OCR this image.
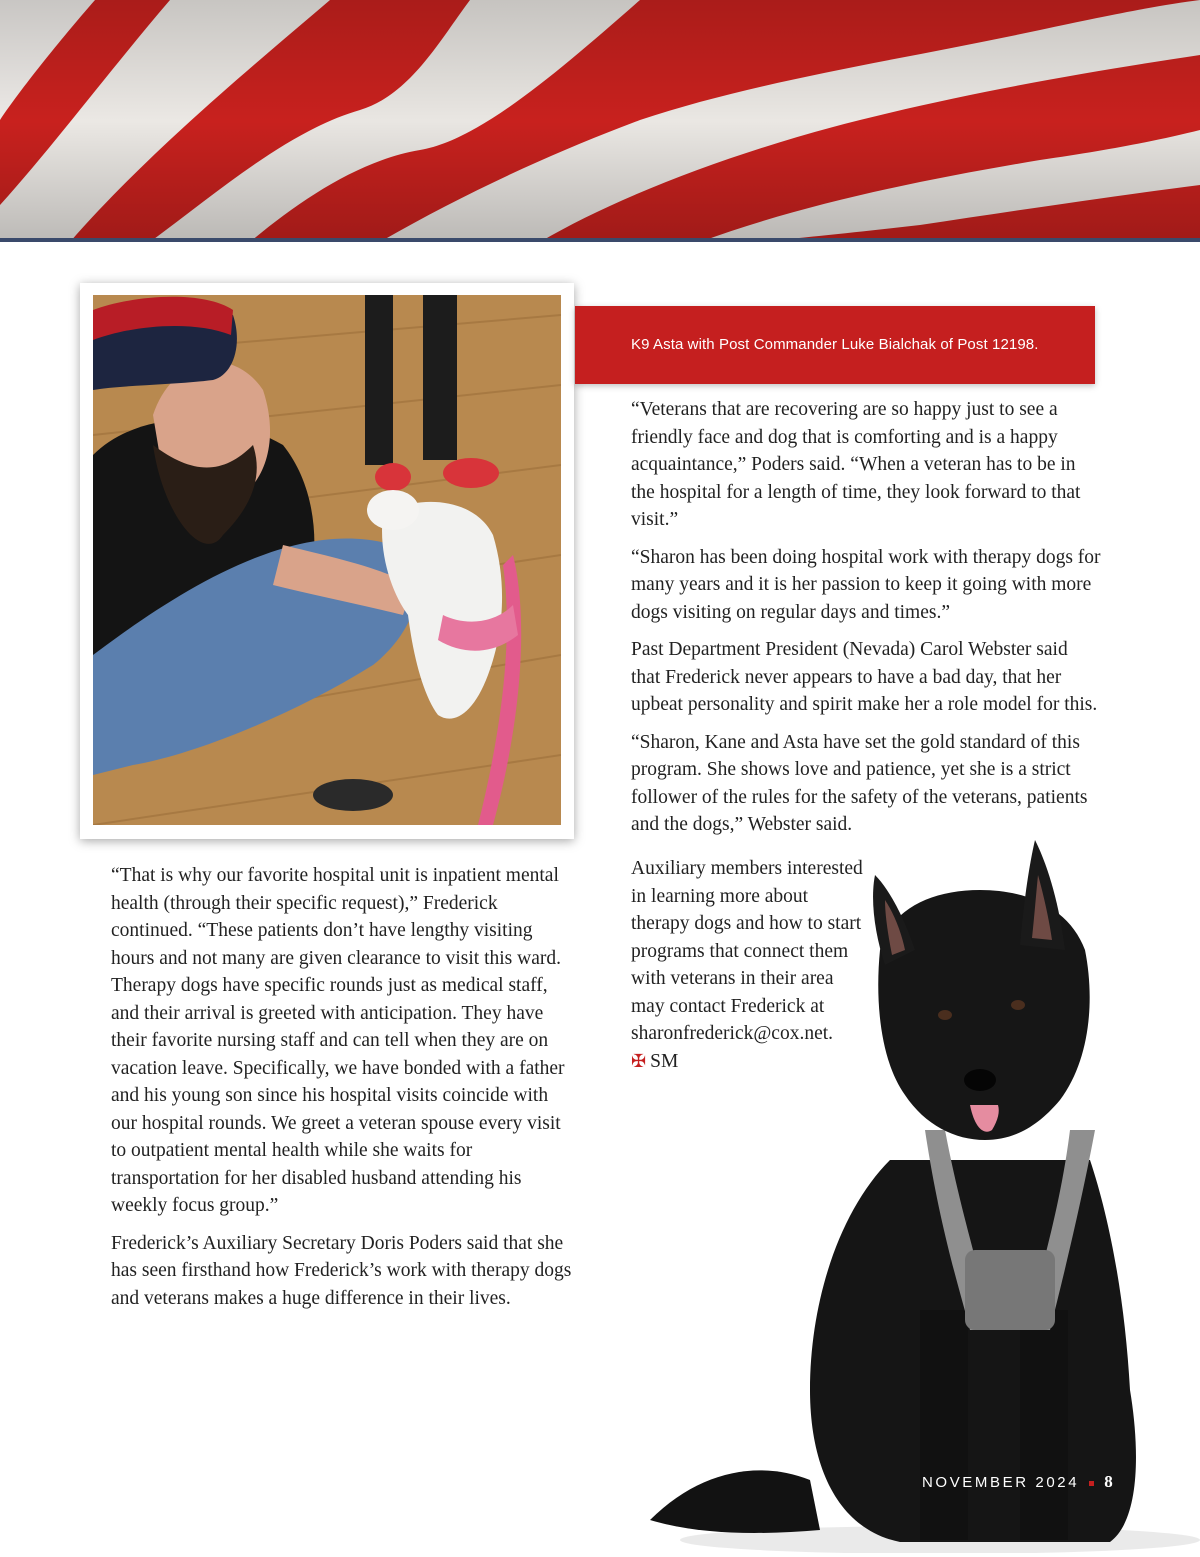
K9 Asta with Post Commander Luke Bialchak of Post 12198.

“Veterans that are recovering are so happy just to see a friendly face and dog that is comforting and is a happy acquaintance,” Poders said. “When a veteran has to be in the hospital for a length of time, they look forward to that visit.”

“Sharon has been doing hospital work with therapy dogs for many years and it is her passion to keep it going with more dogs visiting on regular days and times.”

Past Department President (Nevada) Carol Webster said that Frederick never appears to have a bad day, that her upbeat personality and spirit make her a role model for this.

“Sharon, Kane and Asta have set the gold standard of this program. She shows love and patience, yet she is a strict follower of the rules for the safety of the veterans, patients and the dogs,” Webster said.

Auxiliary members interested in learning more about therapy dogs and how to start programs that connect them with veterans in their area may contact Frederick at sharonfrederick@cox.net.

✠ SM

“That is why our favorite hospital unit is inpatient mental health (through their specific request),” Frederick continued. “These patients don’t have lengthy visiting hours and not many are given clearance to visit this ward. Therapy dogs have specific rounds just as medical staff, and their arrival is greeted with anticipation. They have their favorite nursing staff and can tell when they are on vacation leave. Specifically, we have bonded with a father and his young son since his hospital visits coincide with our hospital rounds. We greet a veteran spouse every visit to outpatient mental health while she waits for transportation for her disabled husband attending his weekly focus group.”

Frederick’s Auxiliary Secretary Doris Poders said that she has seen firsthand how Frederick’s work with therapy dogs and veterans makes a huge difference in their lives.

NOVEMBER 2024 8
